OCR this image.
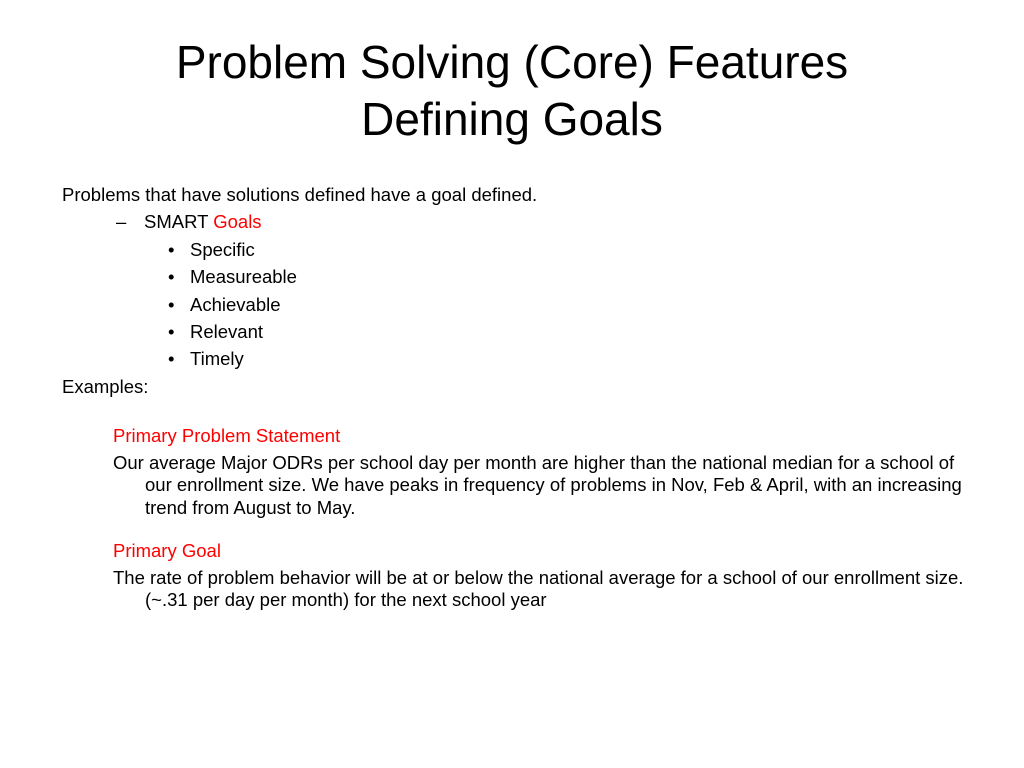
Problem Solving (Core) Features
Defining Goals
Problems that have solutions defined have a goal defined.
– SMART Goals
• Specific
• Measureable
• Achievable
• Relevant
• Timely
Examples:
Primary Problem Statement
Our average Major ODRs per school day per month are higher than the national median for a school of our enrollment size. We have peaks in frequency of problems in Nov, Feb & April, with an increasing trend from August to May.
Primary Goal
The rate of problem behavior will be at or below the national average for a school of our enrollment size. (~.31 per day per month) for the next school year
